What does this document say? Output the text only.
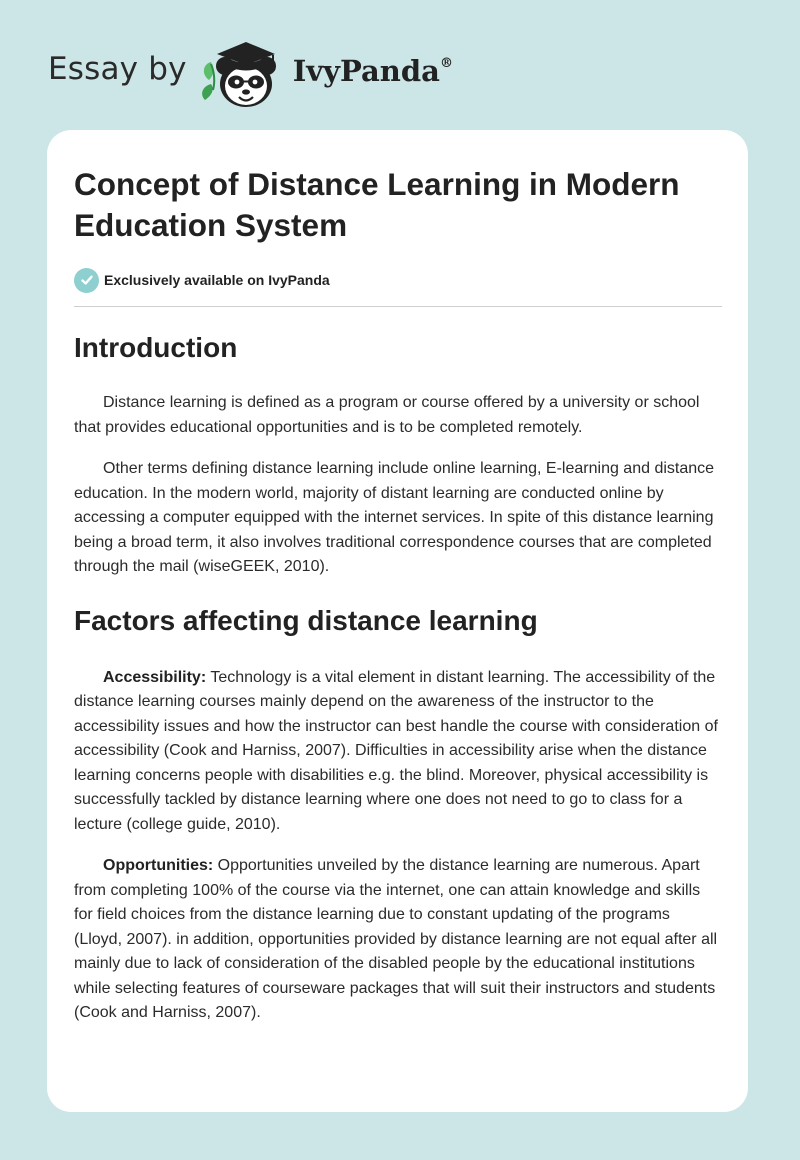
Essay by	IvyPanda®
Concept of Distance Learning in Modern Education System
Exclusively available on IvyPanda
Introduction

Distance learning is defined as a program or course offered by a university or school that provides educational opportunities and is to be completed remotely.

Other terms defining distance learning include online learning, E-learning and distance education. In the modern world, majority of distant learning are conducted online by accessing a computer equipped with the internet services. In spite of this distance learning being a broad term, it also involves traditional correspondence courses that are completed through the mail (wiseGEEK, 2010).

Factors affecting distance learning

Accessibility: Technology is a vital element in distant learning. The accessibility of the distance learning courses mainly depend on the awareness of the instructor to the accessibility issues and how the instructor can best handle the course with consideration of accessibility (Cook and Harniss, 2007). Difficulties in accessibility arise when the distance learning concerns people with disabilities e.g. the blind. Moreover, physical accessibility is successfully tackled by distance learning where one does not need to go to class for a lecture (college guide, 2010).

Opportunities: Opportunities unveiled by the distance learning are numerous. Apart from completing 100% of the course via the internet, one can attain knowledge and skills for field choices from the distance learning due to constant updating of the programs (Lloyd, 2007). in addition, opportunities provided by distance learning are not equal after all mainly due to lack of consideration of the disabled people by the educational institutions while selecting features of courseware packages that will suit their instructors and students (Cook and Harniss, 2007).
